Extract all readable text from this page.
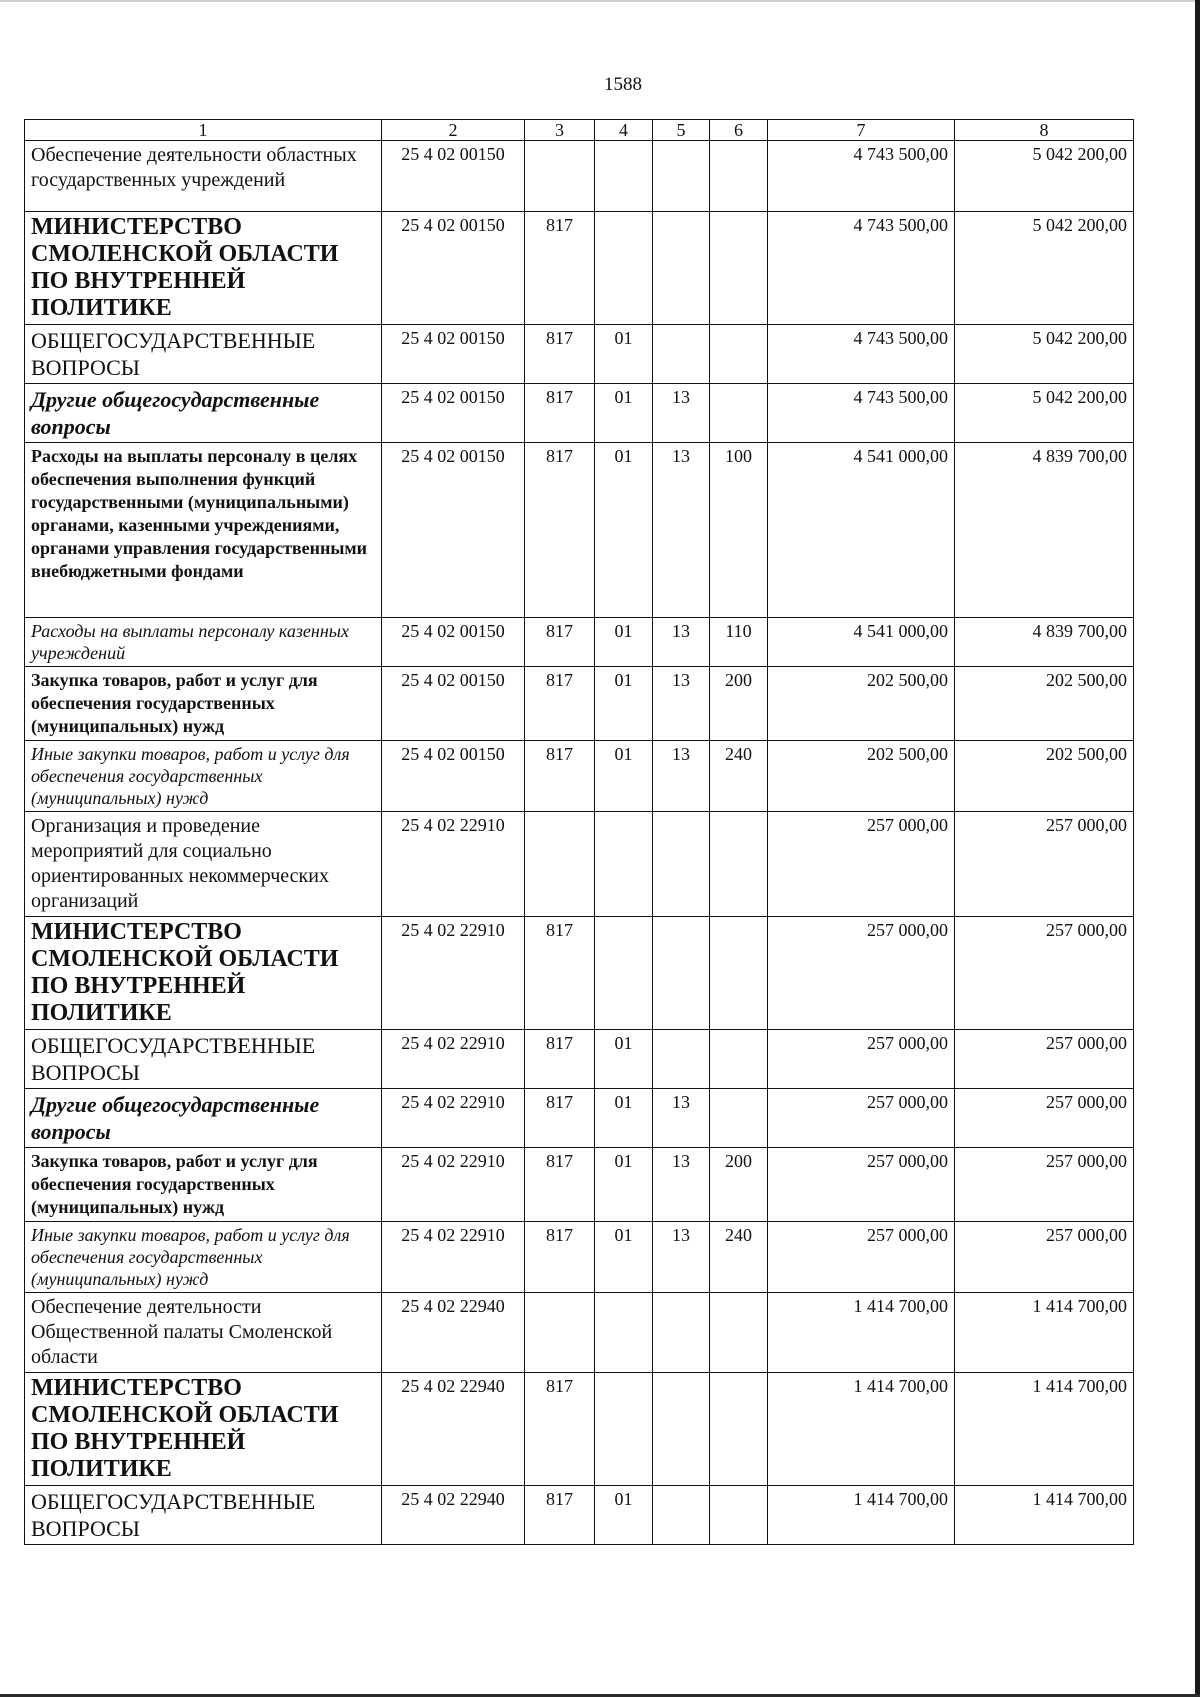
1588
1	2	3	4	5	6	7	8
Обеспечение деятельности областных государственных учреждений	25 4 02 00150					4 743 500,00	5 042 200,00
МИНИСТЕРСТВО СМОЛЕНСКОЙ ОБЛАСТИ ПО ВНУТРЕННЕЙ ПОЛИТИКЕ	25 4 02 00150	817				4 743 500,00	5 042 200,00
ОБЩЕГОСУДАРСТВЕННЫЕ ВОПРОСЫ	25 4 02 00150	817	01			4 743 500,00	5 042 200,00
Другие общегосударственные вопросы	25 4 02 00150	817	01	13		4 743 500,00	5 042 200,00
Расходы на выплаты персоналу в целях обеспечения выполнения функций государственными (муниципальными) органами, казенными учреждениями, органами управления государственными внебюджетными фондами	25 4 02 00150	817	01	13	100	4 541 000,00	4 839 700,00
Расходы на выплаты персоналу казенных учреждений	25 4 02 00150	817	01	13	110	4 541 000,00	4 839 700,00
Закупка товаров, работ и услуг для обеспечения государственных (муниципальных) нужд	25 4 02 00150	817	01	13	200	202 500,00	202 500,00
Иные закупки товаров, работ и услуг для обеспечения государственных (муниципальных) нужд	25 4 02 00150	817	01	13	240	202 500,00	202 500,00
Организация и проведение мероприятий для социально ориентированных некоммерческих организаций	25 4 02 22910					257 000,00	257 000,00
МИНИСТЕРСТВО СМОЛЕНСКОЙ ОБЛАСТИ ПО ВНУТРЕННЕЙ ПОЛИТИКЕ	25 4 02 22910	817				257 000,00	257 000,00
ОБЩЕГОСУДАРСТВЕННЫЕ ВОПРОСЫ	25 4 02 22910	817	01			257 000,00	257 000,00
Другие общегосударственные вопросы	25 4 02 22910	817	01	13		257 000,00	257 000,00
Закупка товаров, работ и услуг для обеспечения государственных (муниципальных) нужд	25 4 02 22910	817	01	13	200	257 000,00	257 000,00
Иные закупки товаров, работ и услуг для обеспечения государственных (муниципальных) нужд	25 4 02 22910	817	01	13	240	257 000,00	257 000,00
Обеспечение деятельности Общественной палаты Смоленской области	25 4 02 22940					1 414 700,00	1 414 700,00
МИНИСТЕРСТВО СМОЛЕНСКОЙ ОБЛАСТИ ПО ВНУТРЕННЕЙ ПОЛИТИКЕ	25 4 02 22940	817				1 414 700,00	1 414 700,00
ОБЩЕГОСУДАРСТВЕННЫЕ ВОПРОСЫ	25 4 02 22940	817	01			1 414 700,00	1 414 700,00
